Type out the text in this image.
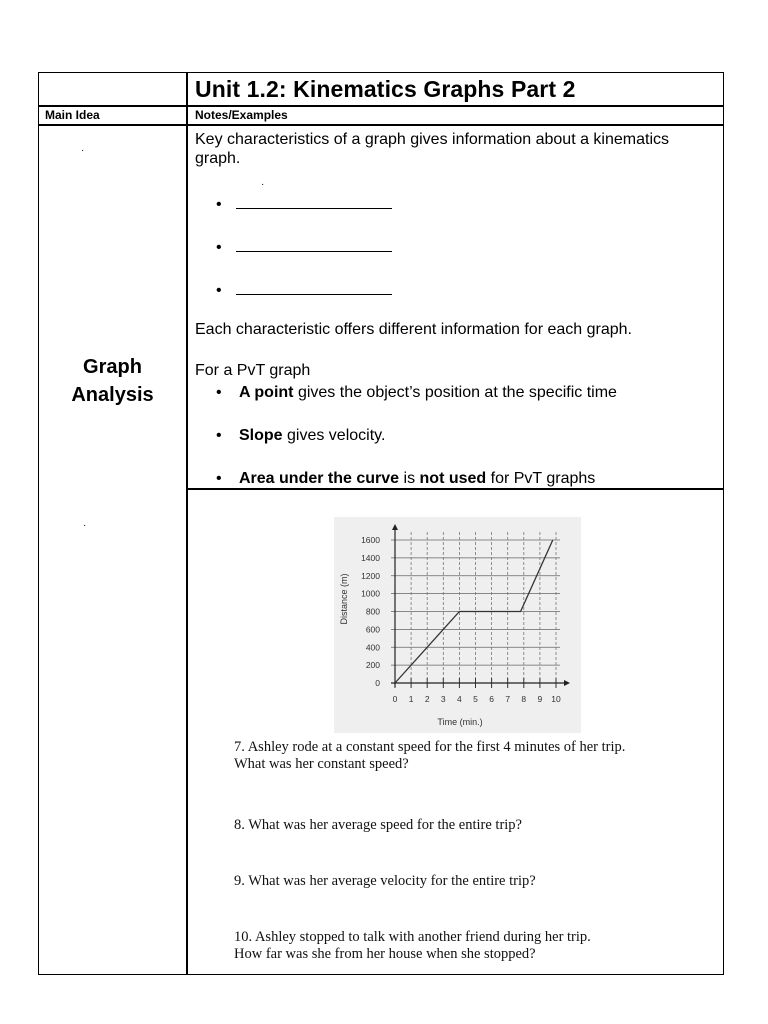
Unit 1.2: Kinematics Graphs Part 2
Main Idea	Notes/Examples
·
·
·
Graph
Analysis
Key characteristics of a graph gives information about a kinematics
graph.
•
•
•
Each characteristic offers different information for each graph.
For a PvT graph
• A point gives the object’s position at the specific time
• Slope gives velocity.
• Area under the curve is not used for PvT graphs
Distance (m)
Time (min.)
0
200
400
600
800
1000
1200
1400
1600
0 1 2 3 4 5 6 7 8 9 10
7. Ashley rode at a constant speed for the first 4 minutes of her trip.
What was her constant speed?
8. What was her average speed for the entire trip?
9. What was her average velocity for the entire trip?
10. Ashley stopped to talk with another friend during her trip.
How far was she from her house when she stopped?
